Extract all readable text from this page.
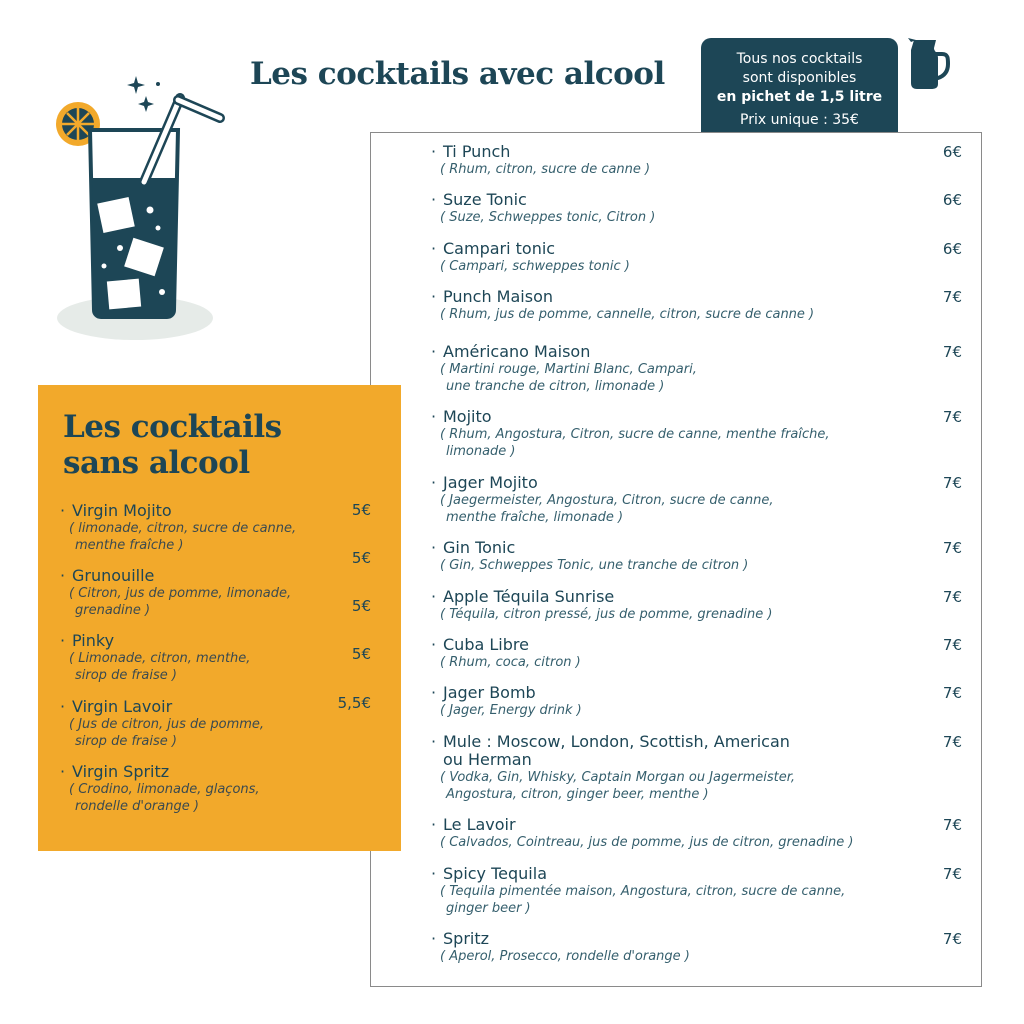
Les cocktails avec alcool	Tous nos cocktails
sont disponibles
en pichet de 1,5 litre
Prix unique : 35€
· Ti Punch
( Rhum, citron, sucre de canne )
6€
· Suze Tonic
( Suze, Schweppes tonic, Citron )
6€
· Campari tonic
( Campari, schweppes tonic )
6€
· Punch Maison
( Rhum, jus de pomme, cannelle, citron, sucre de canne )
7€
· Américano Maison
( Martini rouge, Martini Blanc, Campari,
une tranche de citron, limonade )
7€
· Mojito
( Rhum, Angostura, Citron, sucre de canne, menthe fraîche,
limonade )
7€
· Jager Mojito
( Jaegermeister, Angostura, Citron, sucre de canne,
menthe fraîche, limonade )
7€
· Gin Tonic
( Gin, Schweppes Tonic, une tranche de citron )
7€
· Apple Téquila Sunrise
( Téquila, citron pressé, jus de pomme, grenadine )
7€
· Cuba Libre
( Rhum, coca, citron )
7€
· Jager Bomb
( Jager, Energy drink )
7€
· Mule : Moscow, London, Scottish, American
ou Herman
( Vodka, Gin, Whisky, Captain Morgan ou Jagermeister,
Angostura, citron, ginger beer, menthe )
7€
· Le Lavoir
( Calvados, Cointreau, jus de pomme, jus de citron, grenadine )
7€
· Spicy Tequila
( Tequila pimentée maison, Angostura, citron, sucre de canne,
ginger beer )
7€
· Spritz
( Aperol, Prosecco, rondelle d'orange )
7€
Les cocktails
sans alcool
· Virgin Mojito
( limonade, citron, sucre de canne,
menthe fraîche )
· Grunouille
( Citron, jus de pomme, limonade,
grenadine )
· Pinky
( Limonade, citron, menthe,
sirop de fraise )
· Virgin Lavoir
( Jus de citron, jus de pomme,
sirop de fraise )
· Virgin Spritz
( Crodino, limonade, glaçons,
rondelle d'orange )
5€
5€
5€
5€
5,5€
